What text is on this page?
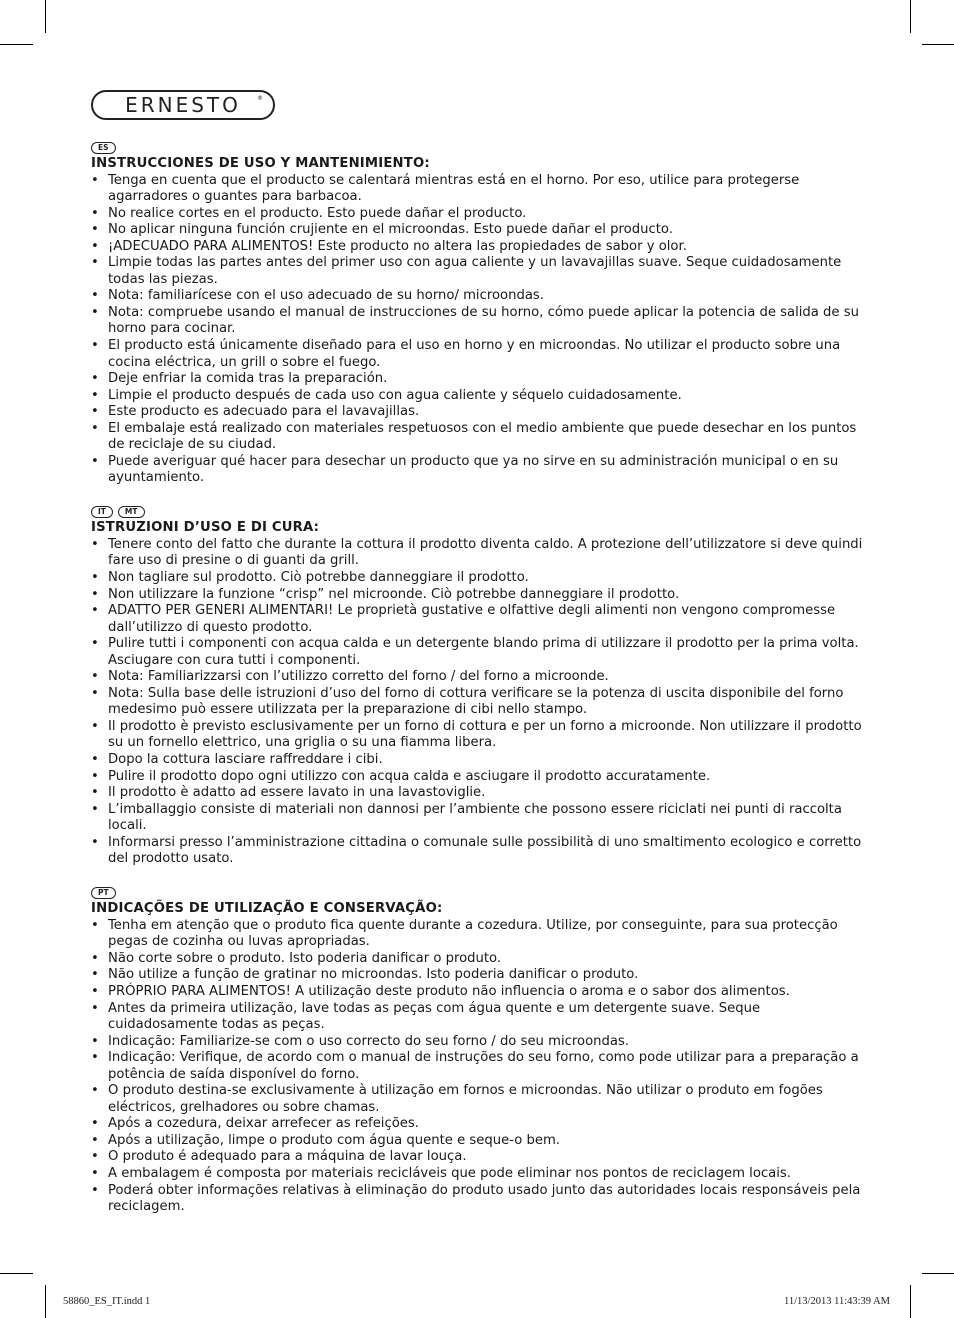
ERNESTO	®
ES
INSTRUCCIONES DE USO Y MANTENIMIENTO:
• Tenga en cuenta que el producto se calentará mientras está en el horno. Por eso, utilice para protegerse agarradores o guantes para barbacoa.
• No realice cortes en el producto. Esto puede dañar el producto.
• No aplicar ninguna función crujiente en el microondas. Esto puede dañar el producto.
• ¡ADECUADO PARA ALIMENTOS! Este producto no altera las propiedades de sabor y olor.
• Limpie todas las partes antes del primer uso con agua caliente y un lavavajillas suave. Seque cuidadosamente todas las piezas.
• Nota: familiarícese con el uso adecuado de su horno/ microondas.
• Nota: compruebe usando el manual de instrucciones de su horno, cómo puede aplicar la potencia de salida de su horno para cocinar.
• El producto está únicamente diseñado para el uso en horno y en microondas. No utilizar el producto sobre una cocina eléctrica, un grill o sobre el fuego.
• Deje enfriar la comida tras la preparación.
• Limpie el producto después de cada uso con agua caliente y séquelo cuidadosamente.
• Este producto es adecuado para el lavavajillas.
• El embalaje está realizado con materiales respetuosos con el medio ambiente que puede desechar en los puntos de reciclaje de su ciudad.
• Puede averiguar qué hacer para desechar un producto que ya no sirve en su administración municipal o en su ayuntamiento.
IT	MT
ISTRUZIONI D’USO E DI CURA:
• Tenere conto del fatto che durante la cottura il prodotto diventa caldo. A protezione dell’utilizzatore si deve quindi fare uso di presine o di guanti da grill.
• Non tagliare sul prodotto. Ciò potrebbe danneggiare il prodotto.
• Non utilizzare la funzione “crisp” nel microonde. Ciò potrebbe danneggiare il prodotto.
• ADATTO PER GENERI ALIMENTARI! Le proprietà gustative e olfattive degli alimenti non vengono compromesse dall’utilizzo di questo prodotto.
• Pulire tutti i componenti con acqua calda e un detergente blando prima di utilizzare il prodotto per la prima volta. Asciugare con cura tutti i componenti.
• Nota: Familiarizzarsi con l’utilizzo corretto del forno / del forno a microonde.
• Nota: Sulla base delle istruzioni d’uso del forno di cottura verificare se la potenza di uscita disponibile del forno medesimo può essere utilizzata per la preparazione di cibi nello stampo.
• Il prodotto è previsto esclusivamente per un forno di cottura e per un forno a microonde. Non utilizzare il prodotto su un fornello elettrico, una griglia o su una fiamma libera.
• Dopo la cottura lasciare raffreddare i cibi.
• Pulire il prodotto dopo ogni utilizzo con acqua calda e asciugare il prodotto accuratamente.
• Il prodotto è adatto ad essere lavato in una lavastoviglie.
• L’imballaggio consiste di materiali non dannosi per l’ambiente che possono essere riciclati nei punti di raccolta locali.
• Informarsi presso l’amministrazione cittadina o comunale sulle possibilità di uno smaltimento ecologico e corretto del prodotto usato.
PT
INDICAÇÕES DE UTILIZAÇÃO E CONSERVAÇÃO:
• Tenha em atenção que o produto fica quente durante a cozedura. Utilize, por conseguinte, para sua protecção pegas de cozinha ou luvas apropriadas.
• Não corte sobre o produto. Isto poderia danificar o produto.
• Não utilize a função de gratinar no microondas. Isto poderia danificar o produto.
• PRÓPRIO PARA ALIMENTOS! A utilização deste produto não influencia o aroma e o sabor dos alimentos.
• Antes da primeira utilização, lave todas as peças com água quente e um detergente suave. Seque cuidadosamente todas as peças.
• Indicação: Familiarize-se com o uso correcto do seu forno / do seu microondas.
• Indicação: Verifique, de acordo com o manual de instruções do seu forno, como pode utilizar para a preparação a potência de saída disponível do forno.
• O produto destina-se exclusivamente à utilização em fornos e microondas. Não utilizar o produto em fogões eléctricos, grelhadores ou sobre chamas.
• Após a cozedura, deixar arrefecer as refeições.
• Após a utilização, limpe o produto com água quente e seque-o bem.
• O produto é adequado para a máquina de lavar louça.
• A embalagem é composta por materiais recicláveis que pode eliminar nos pontos de reciclagem locais.
• Poderá obter informações relativas à eliminação do produto usado junto das autoridades locais responsáveis pela reciclagem.
58860_ES_IT.indd 1	11/13/2013 11:43:39 AM
